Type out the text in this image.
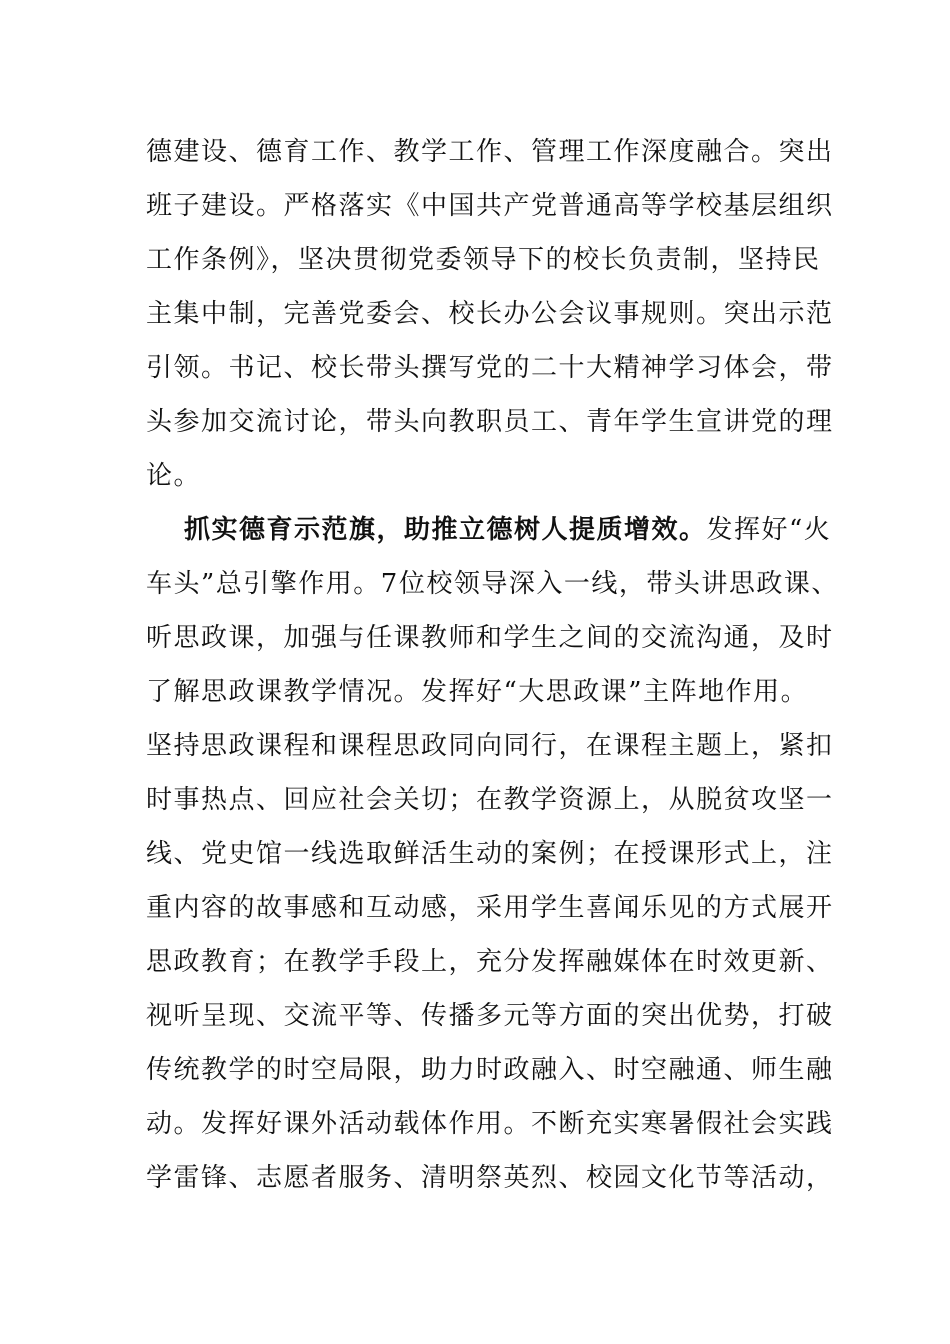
德建设、德育工作、教学工作、管理工作深度融合。突出
班子建设。严格落实《中国共产党普通高等学校基层组织
工作条例》，坚决贯彻党委领导下的校长负责制，坚持民
主集中制，完善党委会、校长办公会议事规则。突出示范
引领。书记、校长带头撰写党的二十大精神学习体会，带
头参加交流讨论，带头向教职员工、青年学生宣讲党的理
论。
抓实德育示范旗，助推立德树人提质增效。 发挥好“火
车头”总引擎作用。7位校领导深入一线，带头讲思政课、
听思政课，加强与任课教师和学生之间的交流沟通，及时
了解思政课教学情况。发挥好“大思政课”主阵地作用。
坚持思政课程和课程思政同向同行，在课程主题上，紧扣
时事热点、回应社会关切；在教学资源上，从脱贫攻坚一
线、党史馆一线选取鲜活生动的案例；在授课形式上，注
重内容的故事感和互动感，采用学生喜闻乐见的方式展开
思政教育；在教学手段上，充分发挥融媒体在时效更新、
视听呈现、交流平等、传播多元等方面的突出优势，打破
传统教学的时空局限，助力时政融入、时空融通、师生融
动。发挥好课外活动载体作用。不断充实寒暑假社会实践
学雷锋、志愿者服务、清明祭英烈、校园文化节等活动，
